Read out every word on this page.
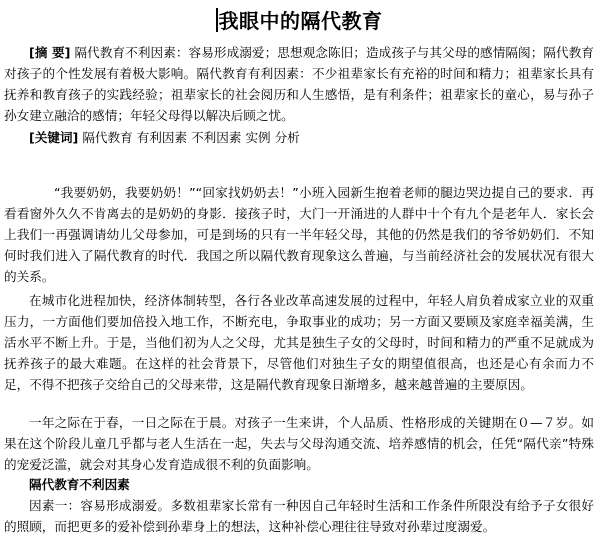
我眼中的隔代教育
[摘 要] 隔代教育不利因素：容易形成溺爱；思想观念陈旧；造成孩子与其父母的感情隔阂；隔代教育对孩子的个性发展有着极大影响。隔代教育有利因素：不少祖辈家长有充裕的时间和精力；祖辈家长具有抚养和教育孩子的实践经验；祖辈家长的社会阅历和人生感悟，是有利条件；祖辈家长的童心，易与孙子孙女建立融洽的感情；年轻父母得以解决后顾之忧。
[关键词] 隔代教育 有利因素 不利因素 实例 分析
“我要奶奶，我要奶奶！”“回家找奶奶去！”小班入园新生抱着老师的腿边哭边提自己的要求．再看看窗外久久不肯离去的是奶奶的身影．接孩子时，大门一开涌进的人群中十个有九个是老年人．家长会上我们一再强调请幼儿父母参加，可是到场的只有一半年轻父母，其他的仍然是我们的爷爷奶奶们．不知何时我们进入了隔代教育的时代．我国之所以隔代教育现象这么普遍，与当前经济社会的发展状况有很大的关系。
在城市化进程加快，经济体制转型，各行各业改革高速发展的过程中，年轻人肩负着成家立业的双重压力，一方面他们要加倍投入地工作，不断充电，争取事业的成功；另一方面又要顾及家庭幸福美满，生活水平不断上升。于是，当他们初为人之父母，尤其是独生子女的父母时，时间和精力的严重不足就成为抚养孩子的最大难题。在这样的社会背景下，尽管他们对独生子女的期望值很高，也还是心有余而力不足，不得不把孩子交给自己的父母来带，这是隔代教育现象日渐增多，越来越普遍的主要原因。
一年之际在于春，一日之际在于晨。对孩子一生来讲，个人品质、性格形成的关键期在０—７岁。如果在这个阶段儿童几乎都与老人生活在一起，失去与父母沟通交流、培养感情的机会，任凭“隔代亲”特殊的宠爱泛滥，就会对其身心发育造成很不利的负面影响。
隔代教育不利因素
因素一：容易形成溺爱。多数祖辈家长常有一种因自己年轻时生活和工作条件所限没有给予子女很好的照顾，而把更多的爱补偿到孙辈身上的想法，这种补偿心理往往导致对孙辈过度溺爱。
